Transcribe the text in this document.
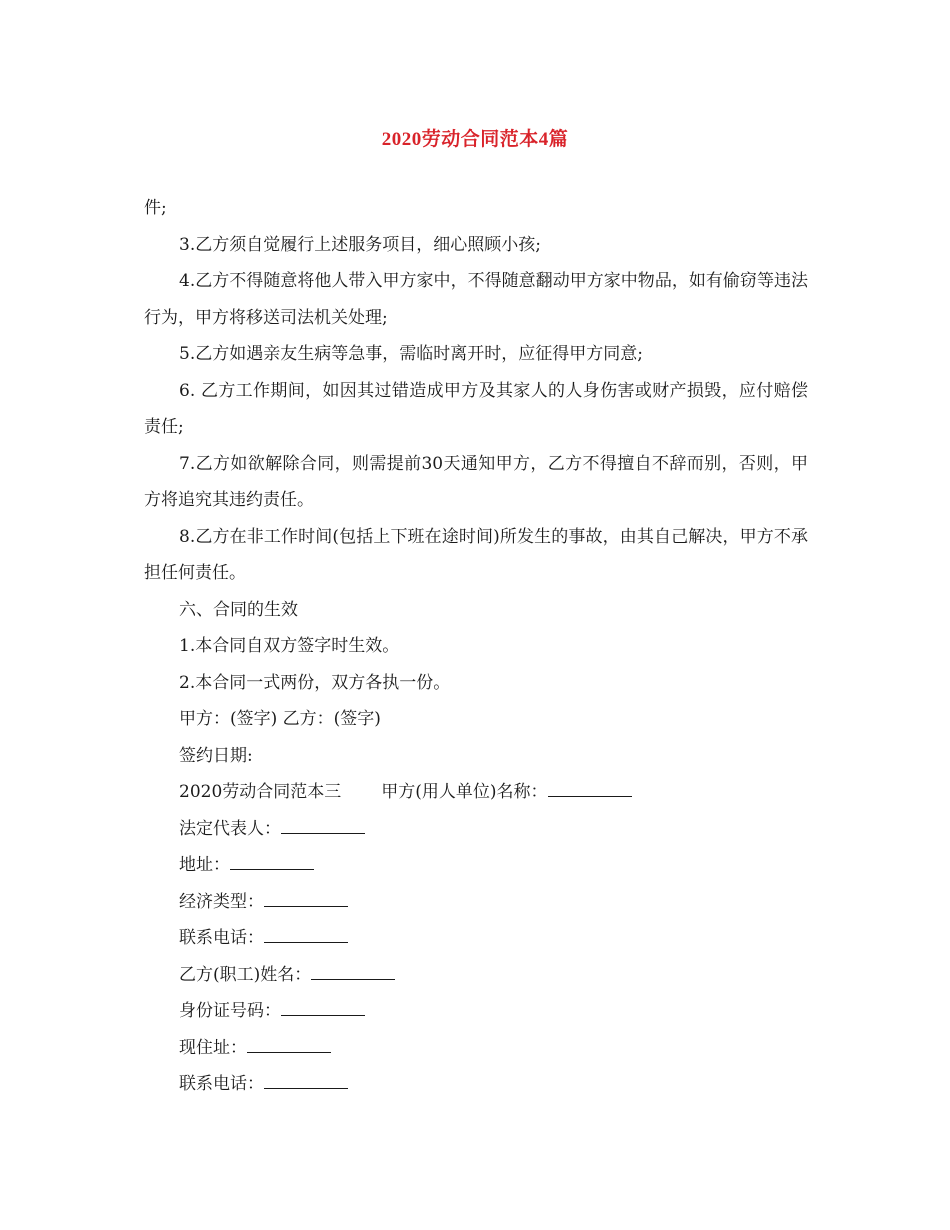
2020劳动合同范本4篇

件;

3.乙方须自觉履行上述服务项目，细心照顾小孩;

4.乙方不得随意将他人带入甲方家中，不得随意翻动甲方家中物品，如有偷窃等违法行为，甲方将移送司法机关处理;

5.乙方如遇亲友生病等急事，需临时离开时，应征得甲方同意;

6. 乙方工作期间，如因其过错造成甲方及其家人的人身伤害或财产损毁，应付赔偿责任;

7.乙方如欲解除合同，则需提前30天通知甲方，乙方不得擅自不辞而别，否则，甲方将追究其违约责任。

8.乙方在非工作时间(包括上下班在途时间)所发生的事故，由其自己解决，甲方不承担任何责任。

六、合同的生效

1.本合同自双方签字时生效。

2.本合同一式两份，双方各执一份。

甲方：(签字) 乙方：(签字)

签约日期:

2020劳动合同范本三 甲方(用人单位)名称：

法定代表人：

地址：

经济类型：

联系电话：

乙方(职工)姓名：

身份证号码：

现住址：

联系电话：
